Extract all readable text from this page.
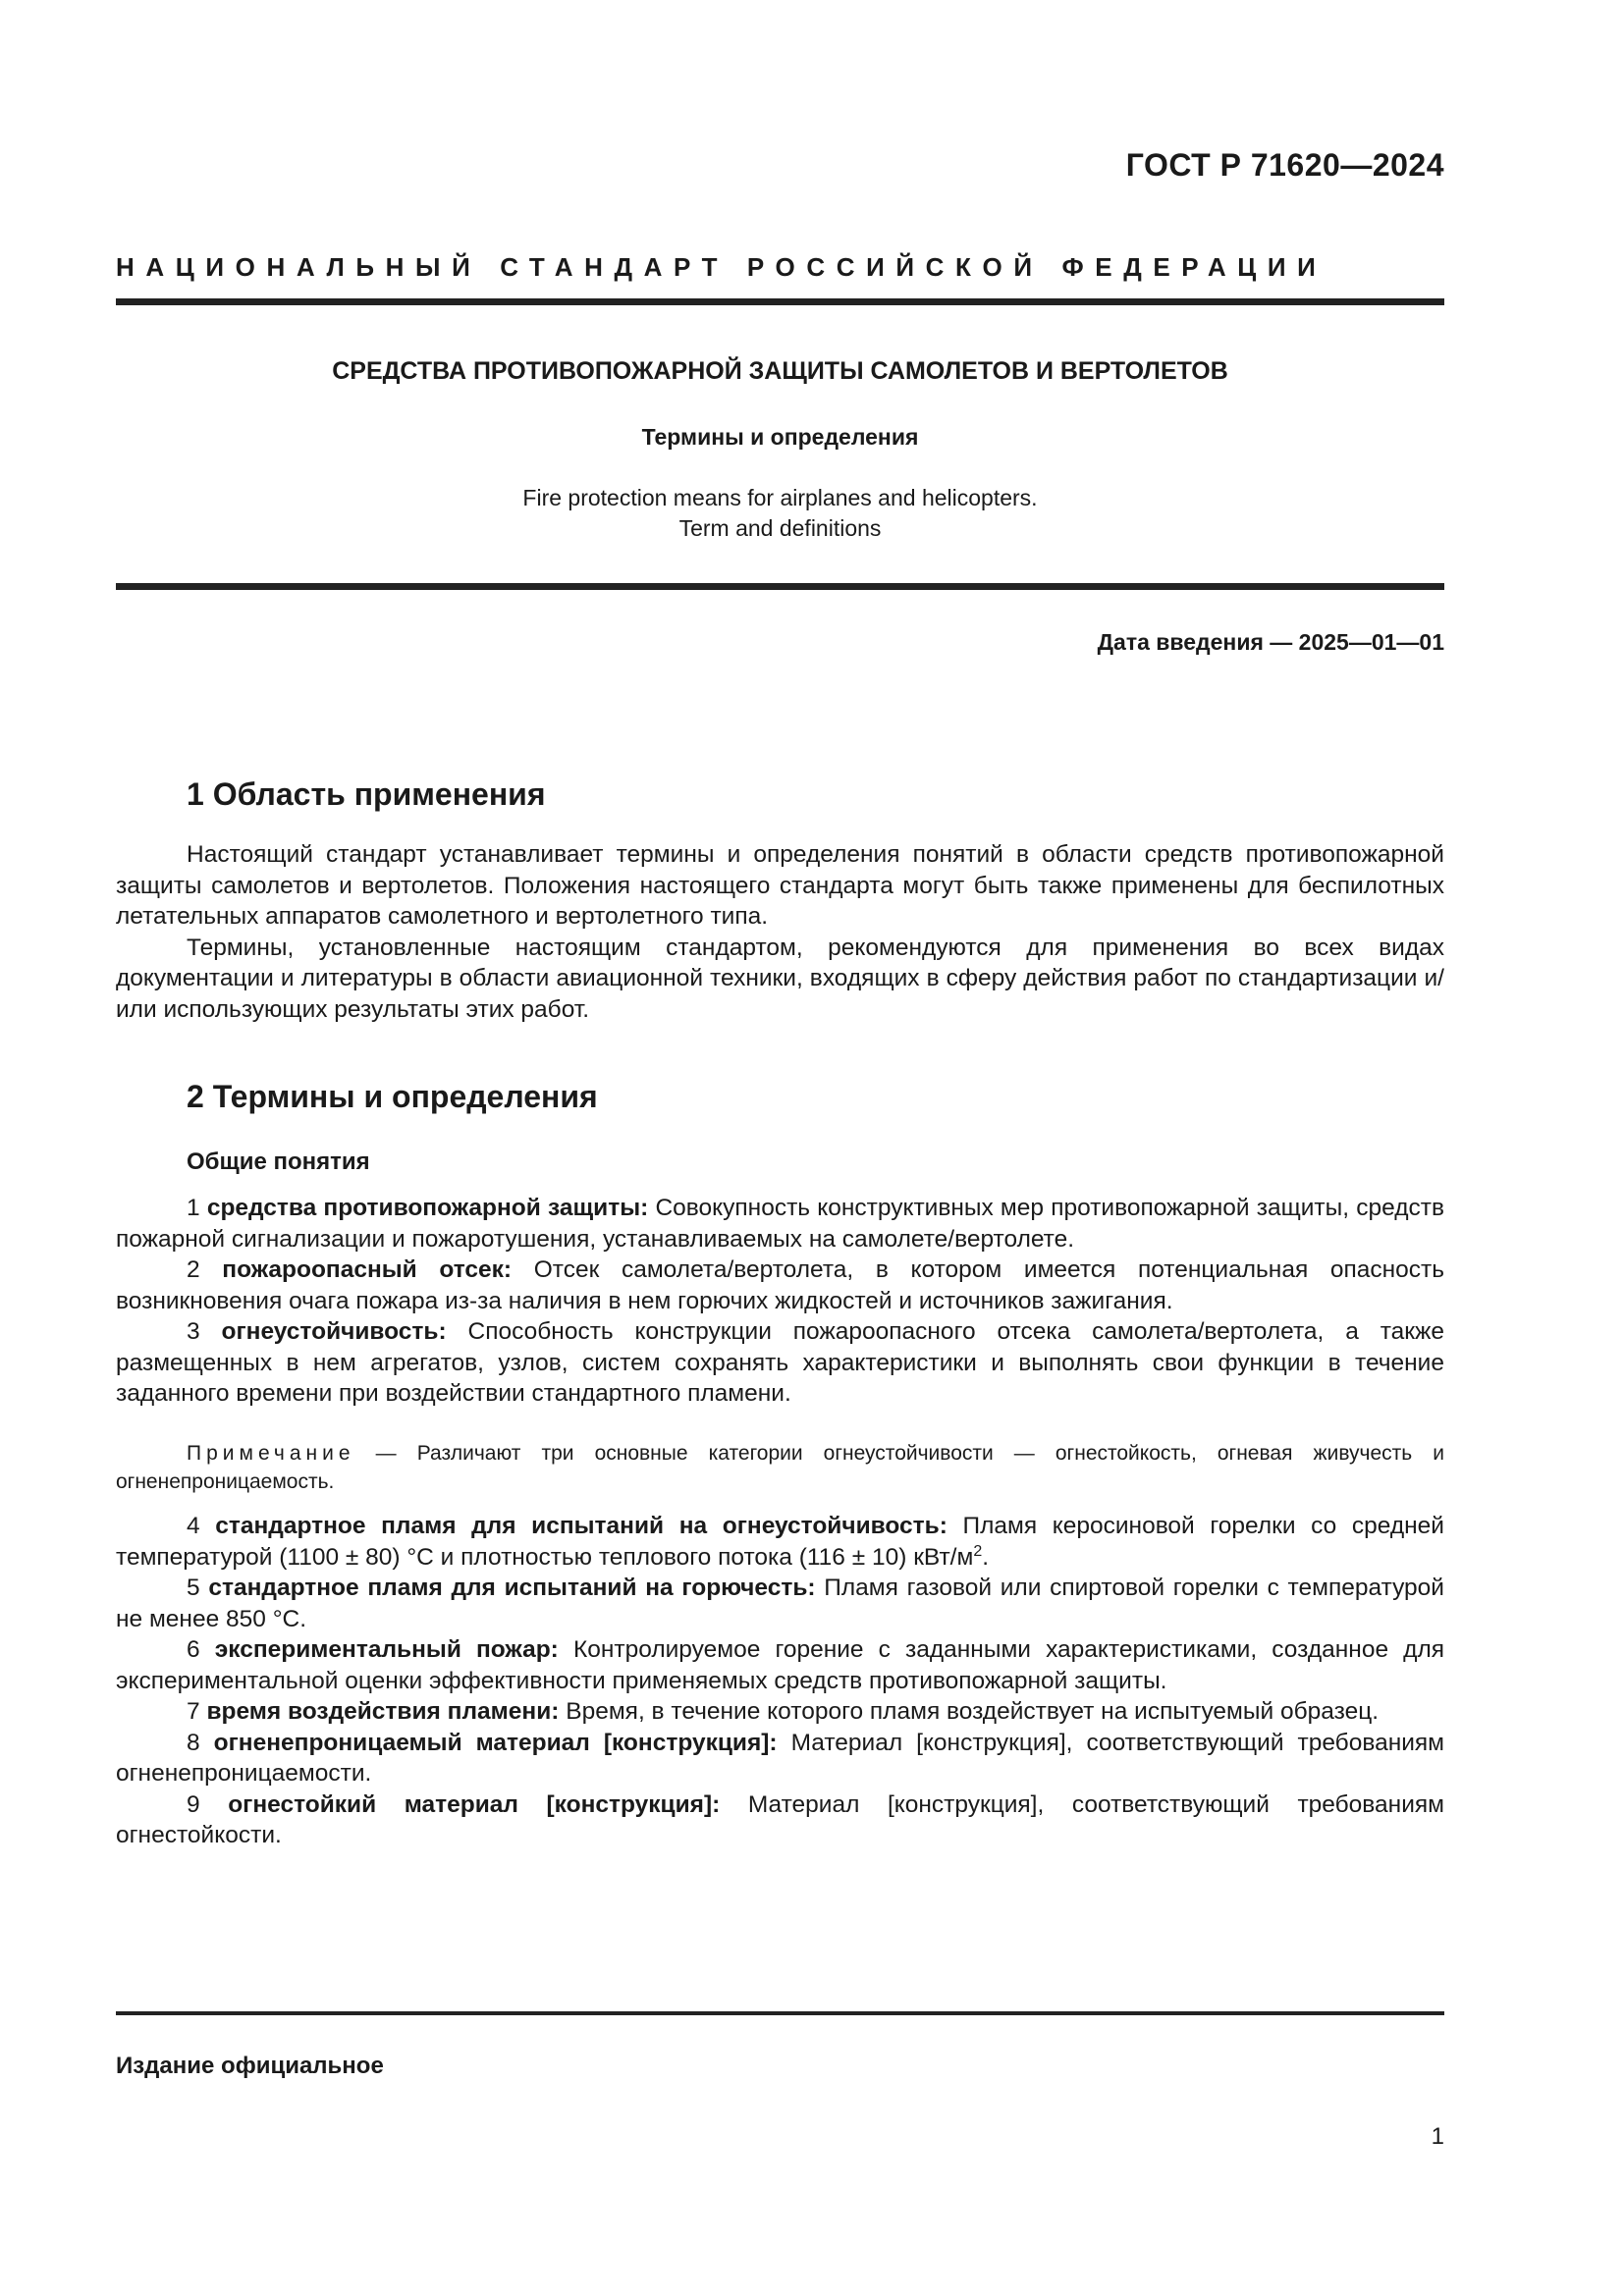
ГОСТ Р 71620—2024
НАЦИОНАЛЬНЫЙ СТАНДАРТ РОССИЙСКОЙ ФЕДЕРАЦИИ
СРЕДСТВА ПРОТИВОПОЖАРНОЙ ЗАЩИТЫ САМОЛЕТОВ И ВЕРТОЛЕТОВ
Термины и определения
Fire protection means for airplanes and helicopters.
Term and definitions
Дата введения — 2025—01—01
1 Область применения

Настоящий стандарт устанавливает термины и определения понятий в области средств противопожарной защиты самолетов и вертолетов. Положения настоящего стандарта могут быть также применены для беспилотных летательных аппаратов самолетного и вертолетного типа.

Термины, установленные настоящим стандартом, рекомендуются для применения во всех видах документации и литературы в области авиационной техники, входящих в сферу действия работ по стандартизации и/или использующих результаты этих работ.

2 Термины и определения
Общие понятия

1 средства противопожарной защиты: Совокупность конструктивных мер противопожарной защиты, средств пожарной сигнализации и пожаротушения, устанавливаемых на самолете/вертолете.

2 пожароопасный отсек: Отсек самолета/вертолета, в котором имеется потенциальная опасность возникновения очага пожара из-за наличия в нем горючих жидкостей и источников зажигания.

3 огнеустойчивость: Способность конструкции пожароопасного отсека самолета/вертолета, а также размещенных в нем агрегатов, узлов, систем сохранять характеристики и выполнять свои функции в течение заданного времени при воздействии стандартного пламени.

Примечание — Различают три основные категории огнеустойчивости — огнестойкость, огневая живучесть и огненепроницаемость.

4 стандартное пламя для испытаний на огнеустойчивость: Пламя керосиновой горелки со средней температурой (1100 ± 80) °С и плотностью теплового потока (116 ± 10) кВт/$м^2$.

5 стандартное пламя для испытаний на горючесть: Пламя газовой или спиртовой горелки с температурой не менее 850 °С.

6 экспериментальный пожар: Контролируемое горение с заданными характеристиками, созданное для экспериментальной оценки эффективности применяемых средств противопожарной защиты.

7 время воздействия пламени: Время, в течение которого пламя воздействует на испытуемый образец.

8 огненепроницаемый материал [конструкция]: Материал [конструкция], соответствующий требованиям огненепроницаемости.

9 огнестойкий материал [конструкция]: Материал [конструкция], соответствующий требованиям огнестойкости.

Издание официальное
1
